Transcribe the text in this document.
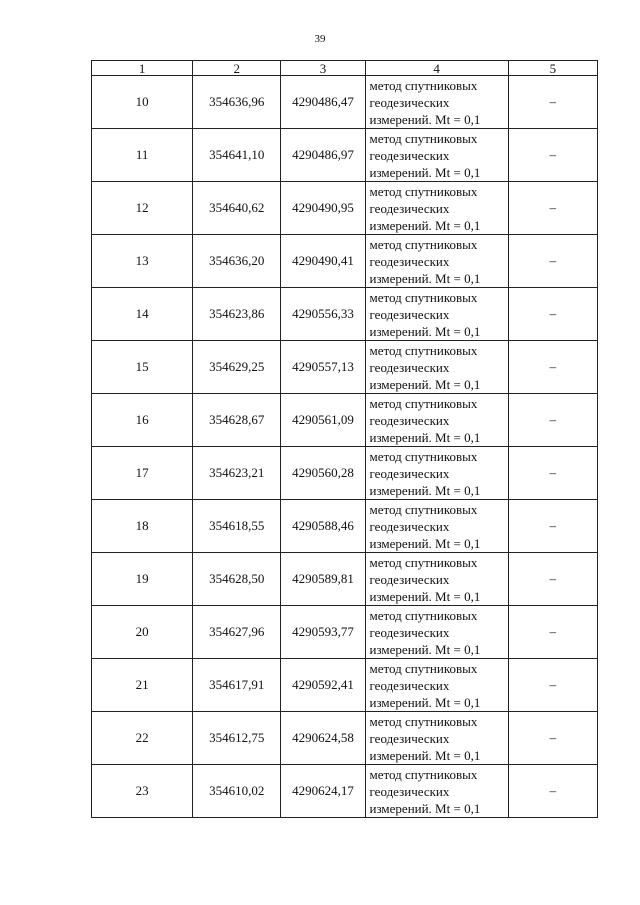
39
1	2	3	4	5
10	354636,96	4290486,47	метод спутниковых
геодезических
измерений. Mt = 0,1	–
11	354641,10	4290486,97	метод спутниковых
геодезических
измерений. Mt = 0,1	–
12	354640,62	4290490,95	метод спутниковых
геодезических
измерений. Mt = 0,1	–
13	354636,20	4290490,41	метод спутниковых
геодезических
измерений. Mt = 0,1	–
14	354623,86	4290556,33	метод спутниковых
геодезических
измерений. Mt = 0,1	–
15	354629,25	4290557,13	метод спутниковых
геодезических
измерений. Mt = 0,1	–
16	354628,67	4290561,09	метод спутниковых
геодезических
измерений. Mt = 0,1	–
17	354623,21	4290560,28	метод спутниковых
геодезических
измерений. Mt = 0,1	–
18	354618,55	4290588,46	метод спутниковых
геодезических
измерений. Mt = 0,1	–
19	354628,50	4290589,81	метод спутниковых
геодезических
измерений. Mt = 0,1	–
20	354627,96	4290593,77	метод спутниковых
геодезических
измерений. Mt = 0,1	–
21	354617,91	4290592,41	метод спутниковых
геодезических
измерений. Mt = 0,1	–
22	354612,75	4290624,58	метод спутниковых
геодезических
измерений. Mt = 0,1	–
23	354610,02	4290624,17	метод спутниковых
геодезических
измерений. Mt = 0,1	–
